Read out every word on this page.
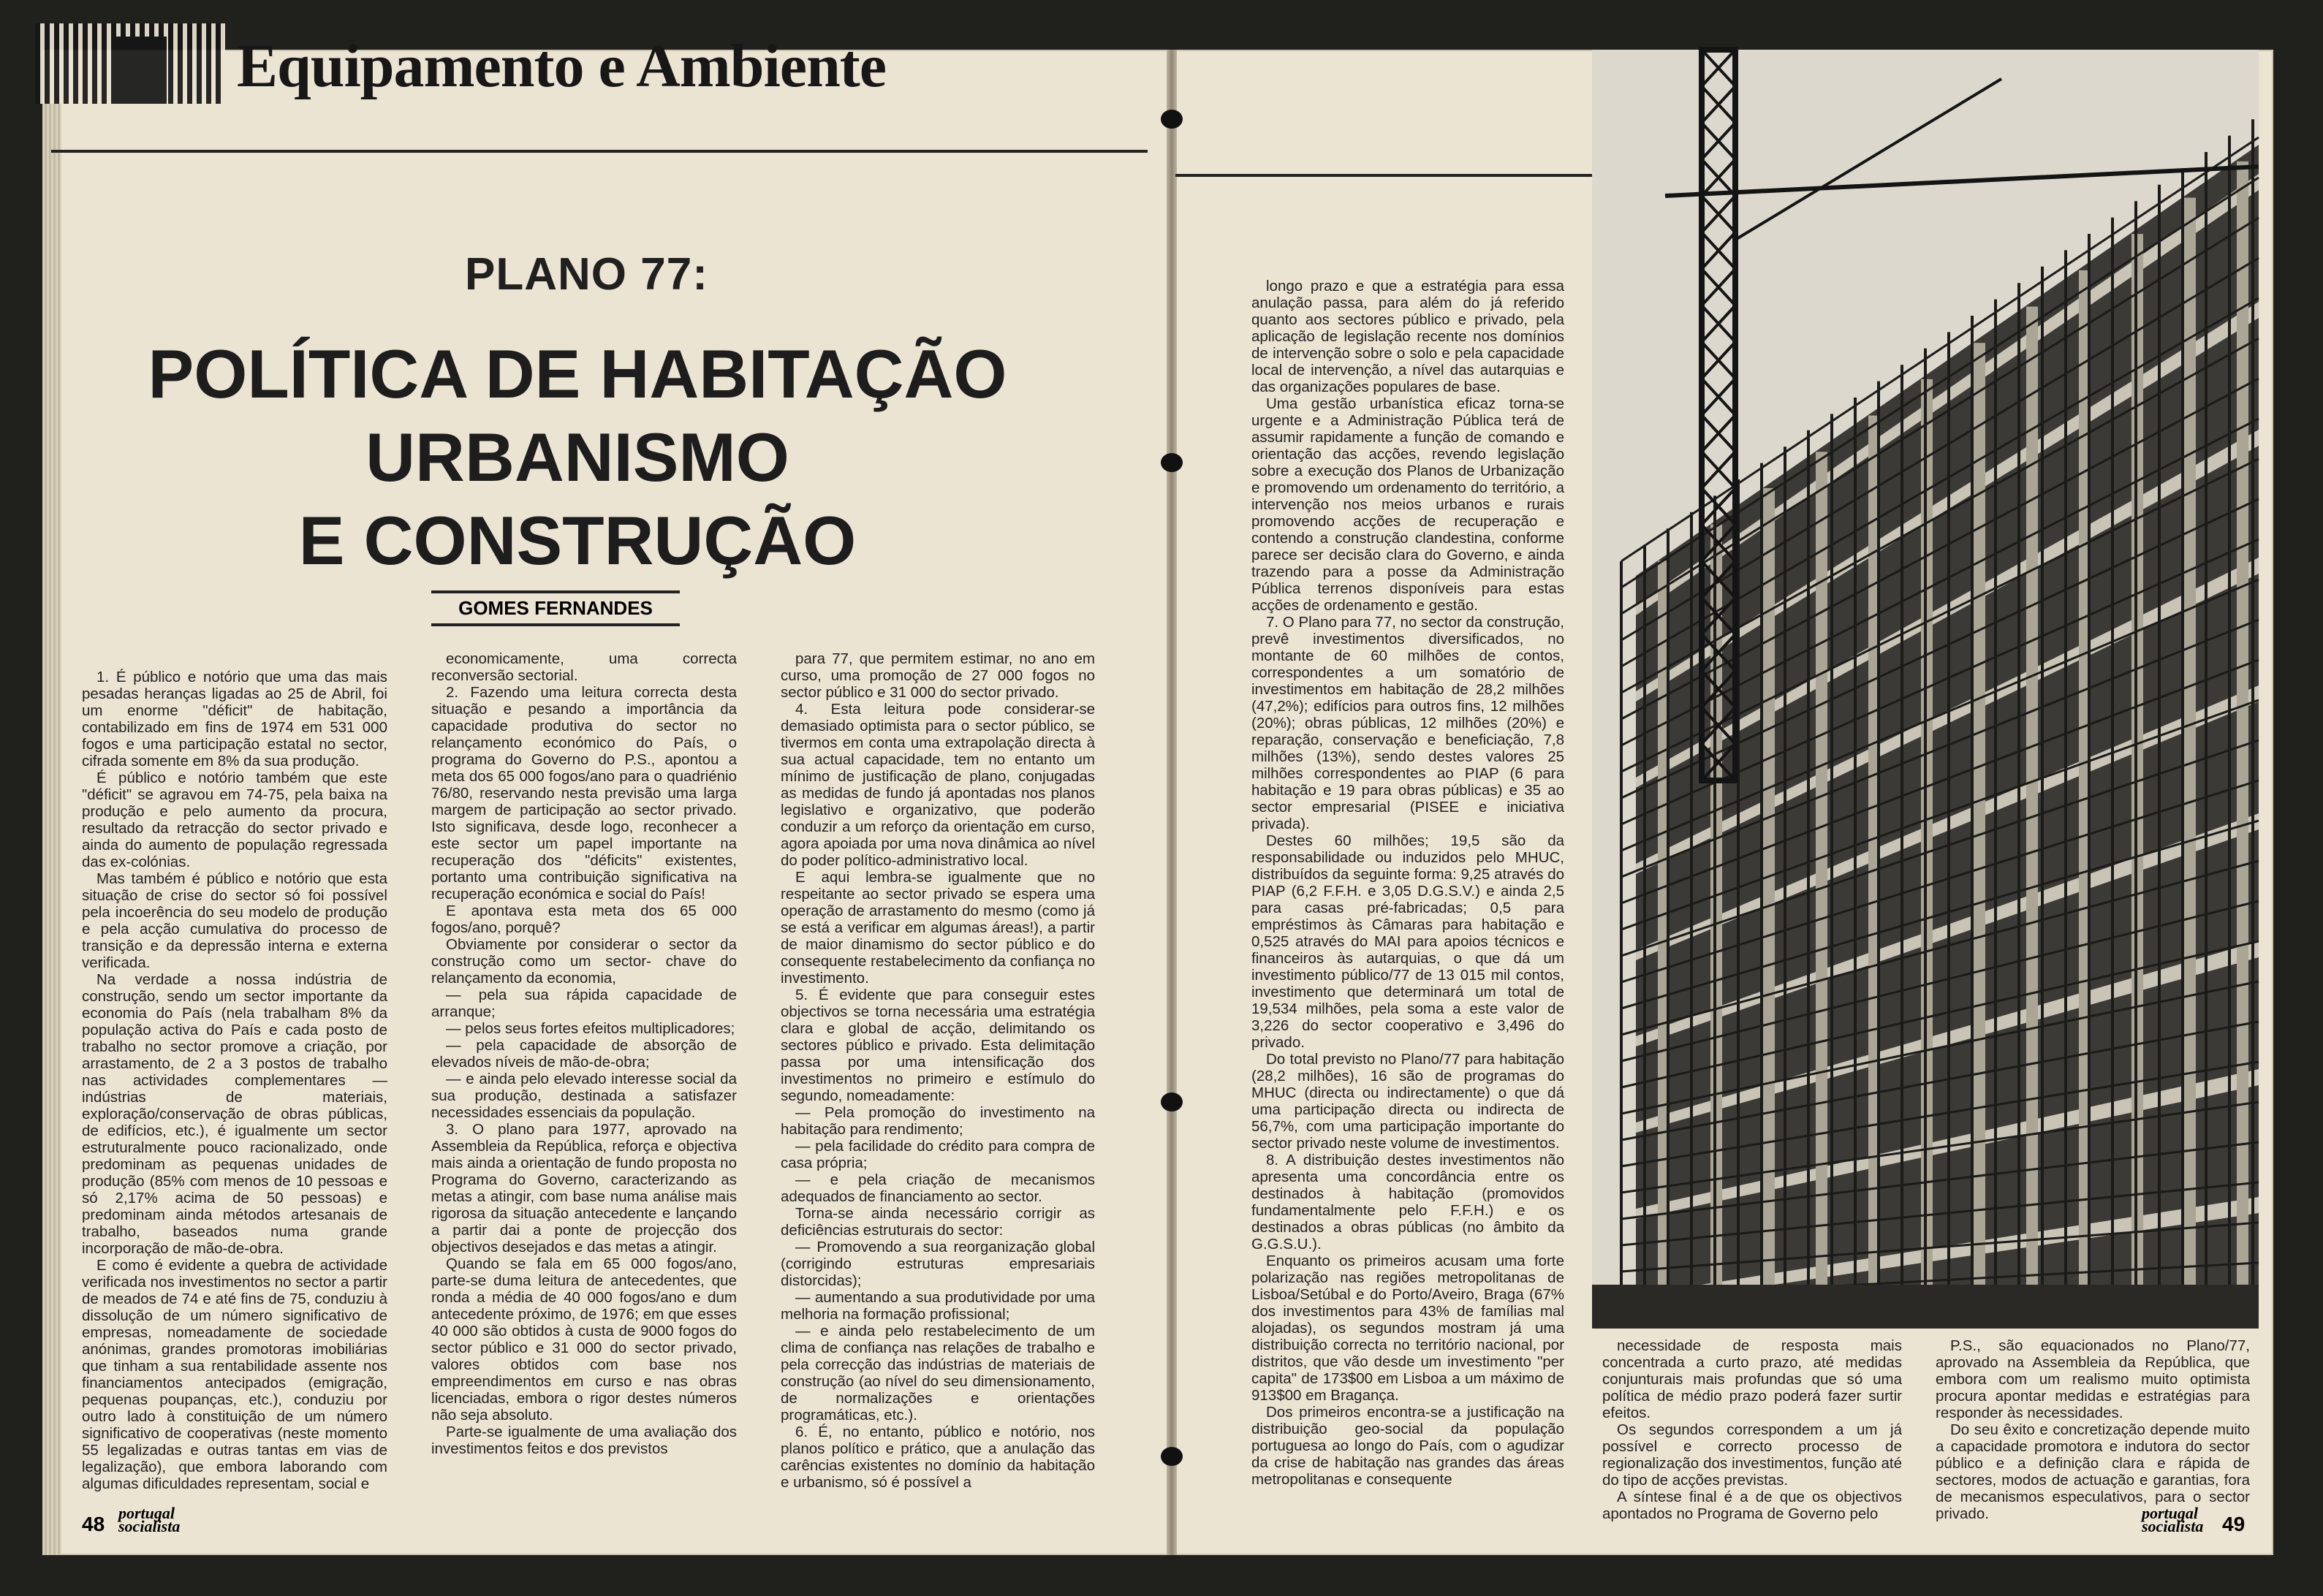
Equipamento e Ambiente
PLANO 77:
POLÍTICA DE HABITAÇÃO
URBANISMO
E CONSTRUÇÃO
GOMES FERNANDES

1. É público e notório que uma das mais pesadas heranças ligadas ao 25 de Abril, foi um enorme "déficit" de habitação, contabilizado em fins de 1974 em 531 000 fogos e uma participação estatal no sector, cifrada somente em 8% da sua produção.

É público e notório também que este "déficit" se agravou em 74-75, pela baixa na produção e pelo aumento da procura, resultado da retracção do sector privado e ainda do aumento de população regressada das ex-colónias.

Mas também é público e notório que esta situação de crise do sector só foi possível pela incoerência do seu modelo de produção e pela acção cumulativa do processo de transição e da depressão interna e externa verificada.

Na verdade a nossa indústria de construção, sendo um sector importante da economia do País (nela trabalham 8% da população activa do País e cada posto de trabalho no sector promove a criação, por arrastamento, de 2 a 3 postos de trabalho nas actividades complementares — indústrias de materiais, exploração/conservação de obras públicas, de edifícios, etc.), é igualmente um sector estruturalmente pouco racionalizado, onde predominam as pequenas unidades de produção (85% com menos de 10 pessoas e só 2,17% acima de 50 pessoas) e predominam ainda métodos artesanais de trabalho, baseados numa grande incorporação de mão-de-obra.

E como é evidente a quebra de actividade verificada nos investimentos no sector a partir de meados de 74 e até fins de 75, conduziu à dissolução de um número significativo de empresas, nomeadamente de sociedade anónimas, grandes promotoras imobiliárias que tinham a sua rentabilidade assente nos financiamentos antecipados (emigração, pequenas poupanças, etc.), conduziu por outro lado à constituição de um número significativo de cooperativas (neste momento 55 legalizadas e outras tantas em vias de legalização), que embora laborando com algumas dificuldades representam, social e

economicamente, uma correcta reconversão sectorial.

2. Fazendo uma leitura correcta desta situação e pesando a importância da capacidade produtiva do sector no relançamento económico do País, o programa do Governo do P.S., apontou a meta dos 65 000 fogos/ano para o quadriénio 76/80, reservando nesta previsão uma larga margem de participação ao sector privado. Isto significava, desde logo, reconhecer a este sector um papel importante na recuperação dos "déficits" existentes, portanto uma contribuição significativa na recuperação económica e social do País!

E apontava esta meta dos 65 000 fogos/ano, porquê?

Obviamente por considerar o sector da construção como um sector- chave do relançamento da economia,

— pela sua rápida capacidade de arranque;

— pelos seus fortes efeitos multiplicadores;

— pela capacidade de absorção de elevados níveis de mão-de-obra;

— e ainda pelo elevado interesse social da sua produção, destinada a satisfazer necessidades essenciais da população.

3. O plano para 1977, aprovado na Assembleia da República, reforça e objectiva mais ainda a orientação de fundo proposta no Programa do Governo, caracterizando as metas a atingir, com base numa análise mais rigorosa da situação antecedente e lançando a partir dai a ponte de projecção dos objectivos desejados e das metas a atingir.

Quando se fala em 65 000 fogos/ano, parte-se duma leitura de antecedentes, que ronda a média de 40 000 fogos/ano e dum antecedente próximo, de 1976; em que esses 40 000 são obtidos à custa de 9000 fogos do sector público e 31 000 do sector privado, valores obtidos com base nos empreendimentos em curso e nas obras licenciadas, embora o rigor destes números não seja absoluto.

Parte-se igualmente de uma avaliação dos investimentos feitos e dos previstos

para 77, que permitem estimar, no ano em curso, uma promoção de 27 000 fogos no sector público e 31 000 do sector privado.

4. Esta leitura pode considerar-se demasiado optimista para o sector público, se tivermos em conta uma extrapolação directa à sua actual capacidade, tem no entanto um mínimo de justificação de plano, conjugadas as medidas de fundo já apontadas nos planos legislativo e organizativo, que poderão conduzir a um reforço da orientação em curso, agora apoiada por uma nova dinâmica ao nível do poder político-administrativo local.

E aqui lembra-se igualmente que no respeitante ao sector privado se espera uma operação de arrastamento do mesmo (como já se está a verificar em algumas áreas!), a partir de maior dinamismo do sector público e do consequente restabelecimento da confiança no investimento.

5. É evidente que para conseguir estes objectivos se torna necessária uma estratégia clara e global de acção, delimitando os sectores público e privado. Esta delimitação passa por uma intensificação dos investimentos no primeiro e estímulo do segundo, nomeadamente:

— Pela promoção do investimento na habitação para rendimento;

— pela facilidade do crédito para compra de casa própria;

— e pela criação de mecanismos adequados de financiamento ao sector.

Torna-se ainda necessário corrigir as deficiências estruturais do sector:

— Promovendo a sua reorganização global (corrigindo estruturas empresariais distorcidas);

— aumentando a sua produtividade por uma melhoria na formação profissional;

— e ainda pelo restabelecimento de um clima de confiança nas relações de trabalho e pela correcção das indústrias de materiais de construção (ao nível do seu dimensionamento, de normalizações e orientações programáticas, etc.).

6. É, no entanto, público e notório, nos planos político e prático, que a anulação das carências existentes no domínio da habitação e urbanismo, só é possível a

48 portugal
socialista

longo prazo e que a estratégia para essa anulação passa, para além do já referido quanto aos sectores público e privado, pela aplicação de legislação recente nos domínios de intervenção sobre o solo e pela capacidade local de intervenção, a nível das autarquias e das organizações populares de base.

Uma gestão urbanística eficaz torna-se urgente e a Administração Pública terá de assumir rapidamente a função de comando e orientação das acções, revendo legislação sobre a execução dos Planos de Urbanização e promovendo um ordenamento do território, a intervenção nos meios urbanos e rurais promovendo acções de recuperação e contendo a construção clandestina, conforme parece ser decisão clara do Governo, e ainda trazendo para a posse da Administração Pública terrenos disponíveis para estas acções de ordenamento e gestão.

7. O Plano para 77, no sector da construção, prevê investimentos diversificados, no montante de 60 milhões de contos, correspondentes a um somatório de investimentos em habitação de 28,2 milhões (47,2%); edifícios para outros fins, 12 milhões (20%); obras públicas, 12 milhões (20%) e reparação, conservação e beneficiação, 7,8 milhões (13%), sendo destes valores 25 milhões correspondentes ao PIAP (6 para habitação e 19 para obras públicas) e 35 ao sector empresarial (PISEE e iniciativa privada).

Destes 60 milhões; 19,5 são da responsabilidade ou induzidos pelo MHUC, distribuídos da seguinte forma: 9,25 através do PIAP (6,2 F.F.H. e 3,05 D.G.S.V.) e ainda 2,5 para casas pré-fabricadas; 0,5 para empréstimos às Câmaras para habitação e 0,525 através do MAI para apoios técnicos e financeiros às autarquias, o que dá um investimento público/77 de 13 015 mil contos, investimento que determinará um total de 19,534 milhões, pela soma a este valor de 3,226 do sector cooperativo e 3,496 do privado.

Do total previsto no Plano/77 para habitação (28,2 milhões), 16 são de programas do MHUC (directa ou indirectamente) o que dá uma participação directa ou indirecta de 56,7%, com uma participação importante do sector privado neste volume de investimentos.

8. A distribuição destes investimentos não apresenta uma concordância entre os destinados à habitação (promovidos fundamentalmente pelo F.F.H.) e os destinados a obras públicas (no âmbito da G.G.S.U.).

Enquanto os primeiros acusam uma forte polarização nas regiões metropolitanas de Lisboa/Setúbal e do Porto/Aveiro, Braga (67% dos investimentos para 43% de famílias mal alojadas), os segundos mostram já uma distribuição correcta no território nacional, por distritos, que vão desde um investimento "per capita" de 173$00 em Lisboa a um máximo de 913$00 em Bragança.

Dos primeiros encontra-se a justificação na distribuição geo-social da população portuguesa ao longo do País, com o agudizar da crise de habitação nas grandes das áreas metropolitanas e consequente

necessidade de resposta mais concentrada a curto prazo, até medidas conjunturais mais profundas que só uma política de médio prazo poderá fazer surtir efeitos.

Os segundos correspondem a um já possível e correcto processo de regionalização dos investimentos, função até do tipo de acções previstas.

A síntese final é a de que os objectivos apontados no Programa de Governo pelo

P.S., são equacionados no Plano/77, aprovado na Assembleia da República, que embora com um realismo muito optimista procura apontar medidas e estratégias para responder às necessidades.

Do seu êxito e concretização depende muito a capacidade promotora e indutora do sector público e a definição clara e rápida de sectores, modos de actuação e garantias, fora de mecanismos especulativos, para o sector privado.	portugal
socialista 49
